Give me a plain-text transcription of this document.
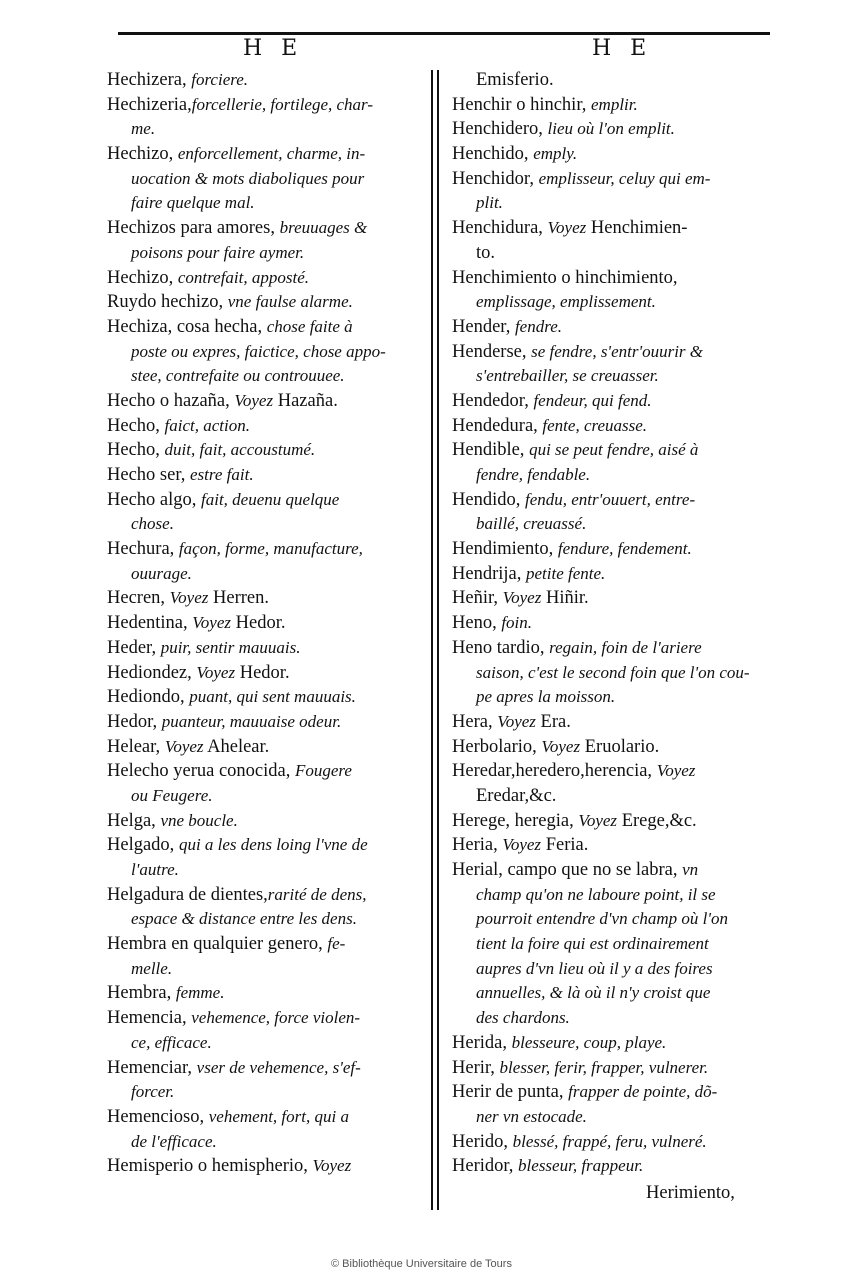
H E	H E
Hechizera, forciere.
Hechizeria,forcellerie, fortilege, char-
me.
Hechizo, enforcellement, charme, in-
uocation & mots diaboliques pour
faire quelque mal.
Hechizos para amores, breuuages &
poisons pour faire aymer.
Hechizo, contrefait, apposté.
Ruydo hechizo, vne faulse alarme.
Hechiza, cosa hecha, chose faite à
poste ou expres, faictice, chose appo-
stee, contrefaite ou controuuee.
Hecho o hazaña, Voyez Hazaña.
Hecho, faict, action.
Hecho, duit, fait, accoustumé.
Hecho ser, estre fait.
Hecho algo, fait, deuenu quelque
chose.
Hechura, façon, forme, manufacture,
ouurage.
Hecren, Voyez Herren.
Hedentina, Voyez Hedor.
Heder, puir, sentir mauuais.
Hediondez, Voyez Hedor.
Hediondo, puant, qui sent mauuais.
Hedor, puanteur, mauuaise odeur.
Helear, Voyez Ahelear.
Helecho yerua conocida, Fougere
ou Feugere.
Helga, vne boucle.
Helgado, qui a les dens loing l'vne de
l'autre.
Helgadura de dientes,rarité de dens,
espace & distance entre les dens.
Hembra en qualquier genero, fe-
melle.
Hembra, femme.
Hemencia, vehemence, force violen-
ce, efficace.
Hemenciar, vser de vehemence, s'ef-
forcer.
Hemenciosо, vehement, fort, qui a
de l'efficace.
Hemisperio o hemispherio, Voyez
Emisferio.
Henchir o hinchir, emplir.
Henchidero, lieu où l'on emplit.
Henchido, emply.
Henchidor, emplisseur, celuy qui em-
plit.
Henchidura, Voyez Henchimien-
to.
Henchimiento o hinchimiento,
emplissage, emplissement.
Hender, fendre.
Henderse, se fendre, s'entr'ouurir &
s'entrebailler, se creuasser.
Hendedor, fendeur, qui fend.
Hendedura, fente, creuasse.
Hendible, qui se peut fendre, aisé à
fendre, fendable.
Hendido, fendu, entr'ouuert, entre-
baillé, creuassé.
Hendimiento, fendure, fendement.
Hendrija, petite fente.
Heñir, Voyez Hiñir.
Heno, foin.
Heno tardio, regain, foin de l'ariere
saison, c'est le second foin que l'on cou-
pe apres la moisson.
Hera, Voyez Era.
Herbolario, Voyez Eruolario.
Heredar,heredero,herencia, Voyez
Eredar,&c.
Herege, heregia, Voyez Erege,&c.
Heria, Voyez Feria.
Herial, campo que no se labra, vn
champ qu'on ne laboure point, il se
pourroit entendre d'vn champ où l'on
tient la foire qui est ordinairement
aupres d'vn lieu où il y a des foires
annuelles, & là où il n'y croist que
des chardons.
Herida, blesseure, coup, playe.
Herir, blesser, ferir, frapper, vulnerer.
Herir de punta, frapper de pointe, dõ-
ner vn estocade.
Herido, blessé, frappé, feru, vulneré.
Heridor, blesseur, frappeur.
Herimiento,
© Bibliothèque Universitaire de Tours
